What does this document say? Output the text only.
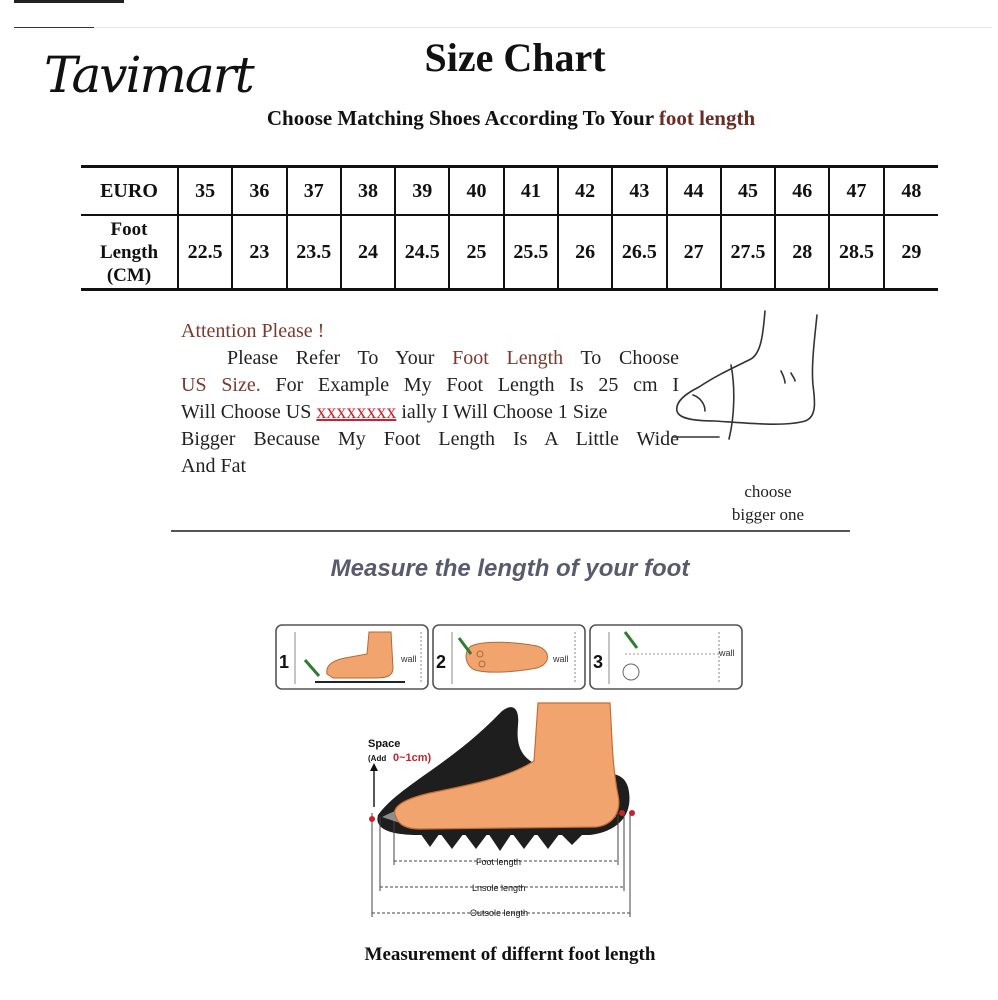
Tavimart	Size Chart
Choose Matching Shoes According To Your foot length
EURO	35	36	37	38	39	40	41	42	43	44	45	46	47	48

Foot
Length
(CM)	22.5	23	23.5	24	24.5	25	25.5	26	26.5	27	27.5	28	28.5	29
Attention Please !
Please Refer To Your Foot Length To Choose
US Size. For Example My Foot Length Is 25 cm I
Will Choose US xxxxxxxx ially I Will Choose 1 Size
Bigger Because My Foot Length Is A Little Wide
And Fat
choose
bigger one
Measure the length of your foot
1	wall 2	wall 3	wall
Space
(Add 0~1cm)
Foot length
Lnsole length
Outsole length
Measurement of differnt foot length
